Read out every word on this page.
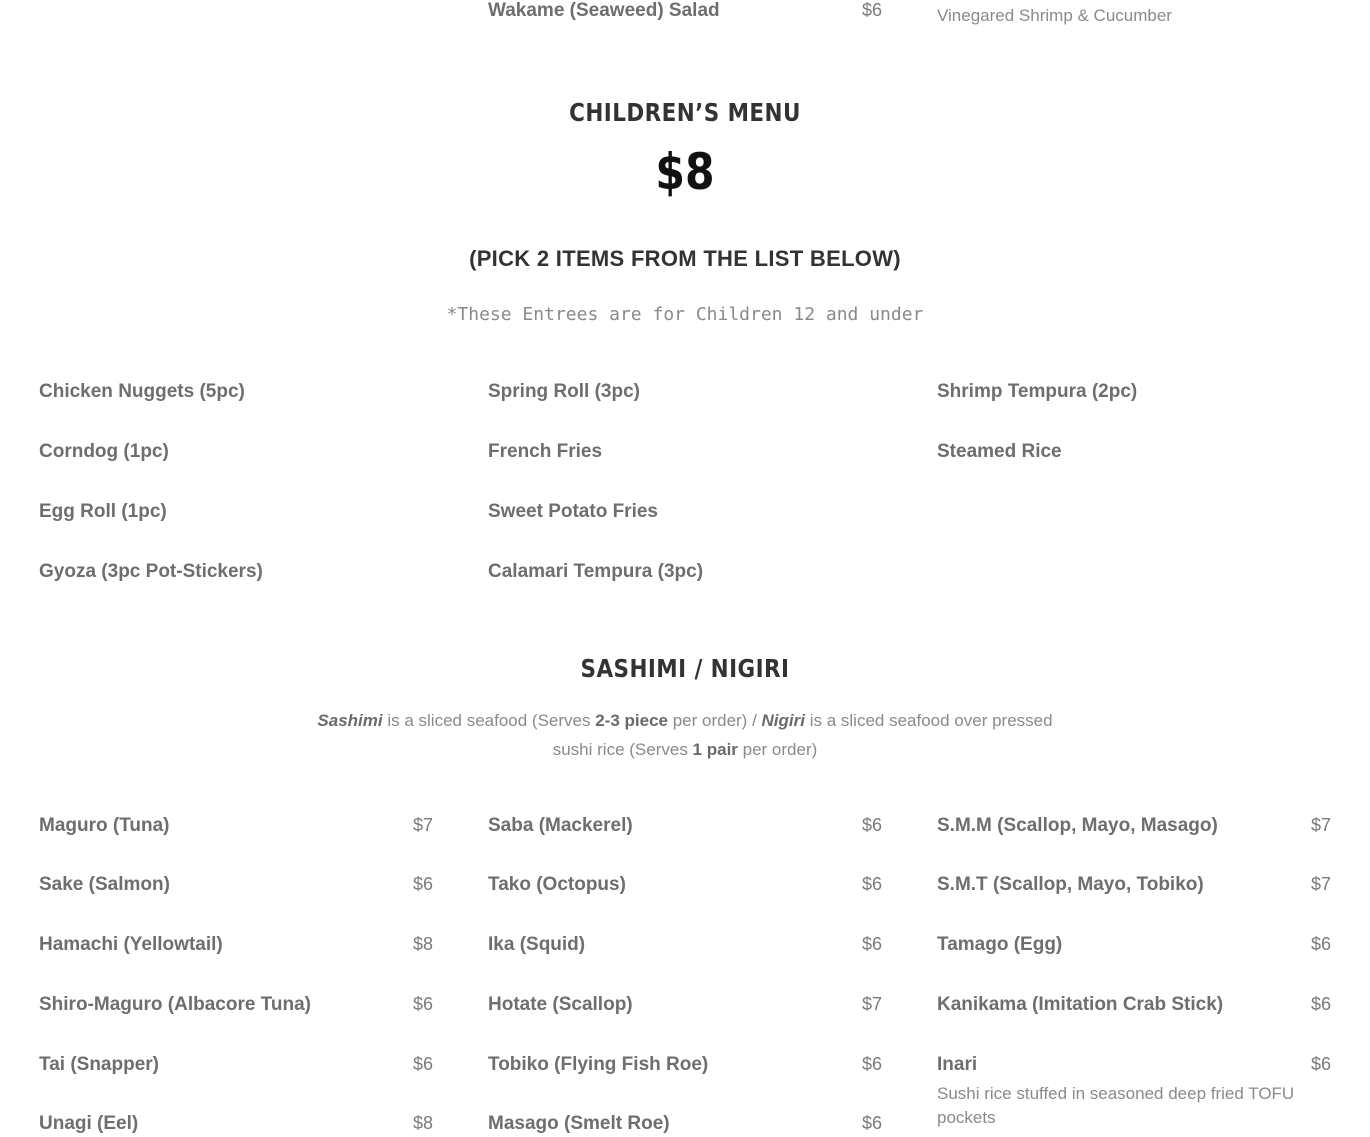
Wakame (Seaweed) Salad	$6	Vinegared Shrimp & Cucumber
CHILDREN’S MENU
$8
(PICK 2 ITEMS FROM THE LIST BELOW)
*These Entrees are for Children 12 and under
Chicken Nuggets (5pc)
Corndog (1pc)
Egg Roll (1pc)
Gyoza (3pc Pot-Stickers)
Spring Roll (3pc)
French Fries
Sweet Potato Fries
Calamari Tempura (3pc)
Shrimp Tempura (2pc)
Steamed Rice
SASHIMI / NIGIRI
Sashimi is a sliced seafood (Serves 2-3 piece per order) / Nigiri is a sliced seafood over pressed sushi rice (Serves 1 pair per order)
Maguro (Tuna)	$7
Sake (Salmon)	$6
Hamachi (Yellowtail)	$8
Shiro-Maguro (Albacore Tuna)	$6
Tai (Snapper)	$6
Unagi (Eel)	$8
Saba (Mackerel)	$6
Tako (Octopus)	$6
Ika (Squid)	$6
Hotate (Scallop)	$7
Tobiko (Flying Fish Roe)	$6
Masago (Smelt Roe)	$6
S.M.M (Scallop, Mayo, Masago)	$7
S.M.T (Scallop, Mayo, Tobiko)	$7
Tamago (Egg)	$6
Kanikama (Imitation Crab Stick)	$6
Inari	$6
Sushi rice stuffed in seasoned deep fried TOFU pockets
